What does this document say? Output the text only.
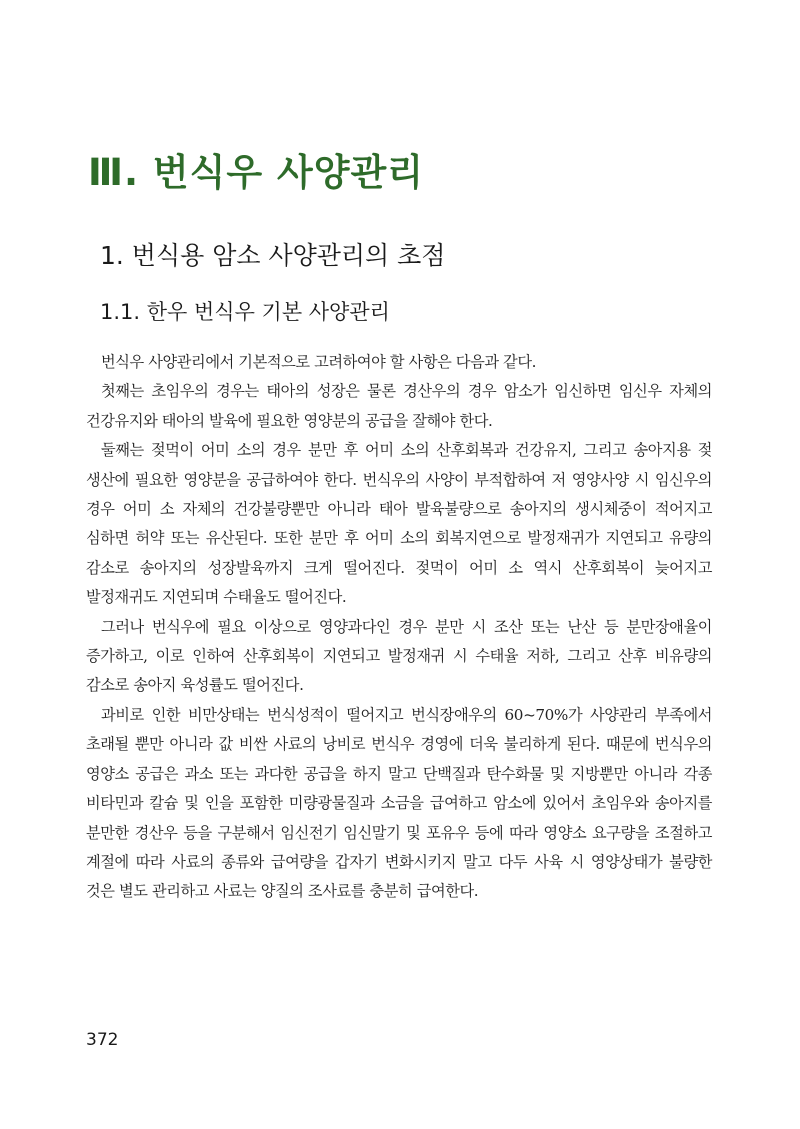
Ⅲ. 번식우 사양관리
1. 번식용 암소 사양관리의 초점
1.1. 한우 번식우 기본 사양관리

번식우 사양관리에서 기본적으로 고려하여야 할 사항은 다음과 같다.

첫째는 초임우의 경우는 태아의 성장은 물론 경산우의 경우 암소가 임신하면 임신우 자체의 건강유지와 태아의 발육에 필요한 영양분의 공급을 잘해야 한다.

둘째는 젖먹이 어미 소의 경우 분만 후 어미 소의 산후회복과 건강유지, 그리고 송아지용 젖 생산에 필요한 영양분을 공급하여야 한다. 번식우의 사양이 부적합하여 저 영양사양 시 임신우의 경우 어미 소 자체의 건강불량뿐만 아니라 태아 발육불량으로 송아지의 생시체중이 적어지고 심하면 허약 또는 유산된다. 또한 분만 후 어미 소의 회복지연으로 발정재귀가 지연되고 유량의 감소로 송아지의 성장발육까지 크게 떨어진다. 젖먹이 어미 소 역시 산후회복이 늦어지고 발정재귀도 지연되며 수태율도 떨어진다.

그러나 번식우에 필요 이상으로 영양과다인 경우 분만 시 조산 또는 난산 등 분만장애율이 증가하고, 이로 인하여 산후회복이 지연되고 발정재귀 시 수태율 저하, 그리고 산후 비유량의 감소로 송아지 육성률도 떨어진다.

과비로 인한 비만상태는 번식성적이 떨어지고 번식장애우의 60~70%가 사양관리 부족에서 초래될 뿐만 아니라 값 비싼 사료의 낭비로 번식우 경영에 더욱 불리하게 된다. 때문에 번식우의 영양소 공급은 과소 또는 과다한 공급을 하지 말고 단백질과 탄수화물 및 지방뿐만 아니라 각종 비타민과 칼슘 및 인을 포함한 미량광물질과 소금을 급여하고 암소에 있어서 초임우와 송아지를 분만한 경산우 등을 구분해서 임신전기 임신말기 및 포유우 등에 따라 영양소 요구량을 조절하고 계절에 따라 사료의 종류와 급여량을 갑자기 변화시키지 말고 다두 사육 시 영양상태가 불량한 것은 별도 관리하고 사료는 양질의 조사료를 충분히 급여한다.

372
